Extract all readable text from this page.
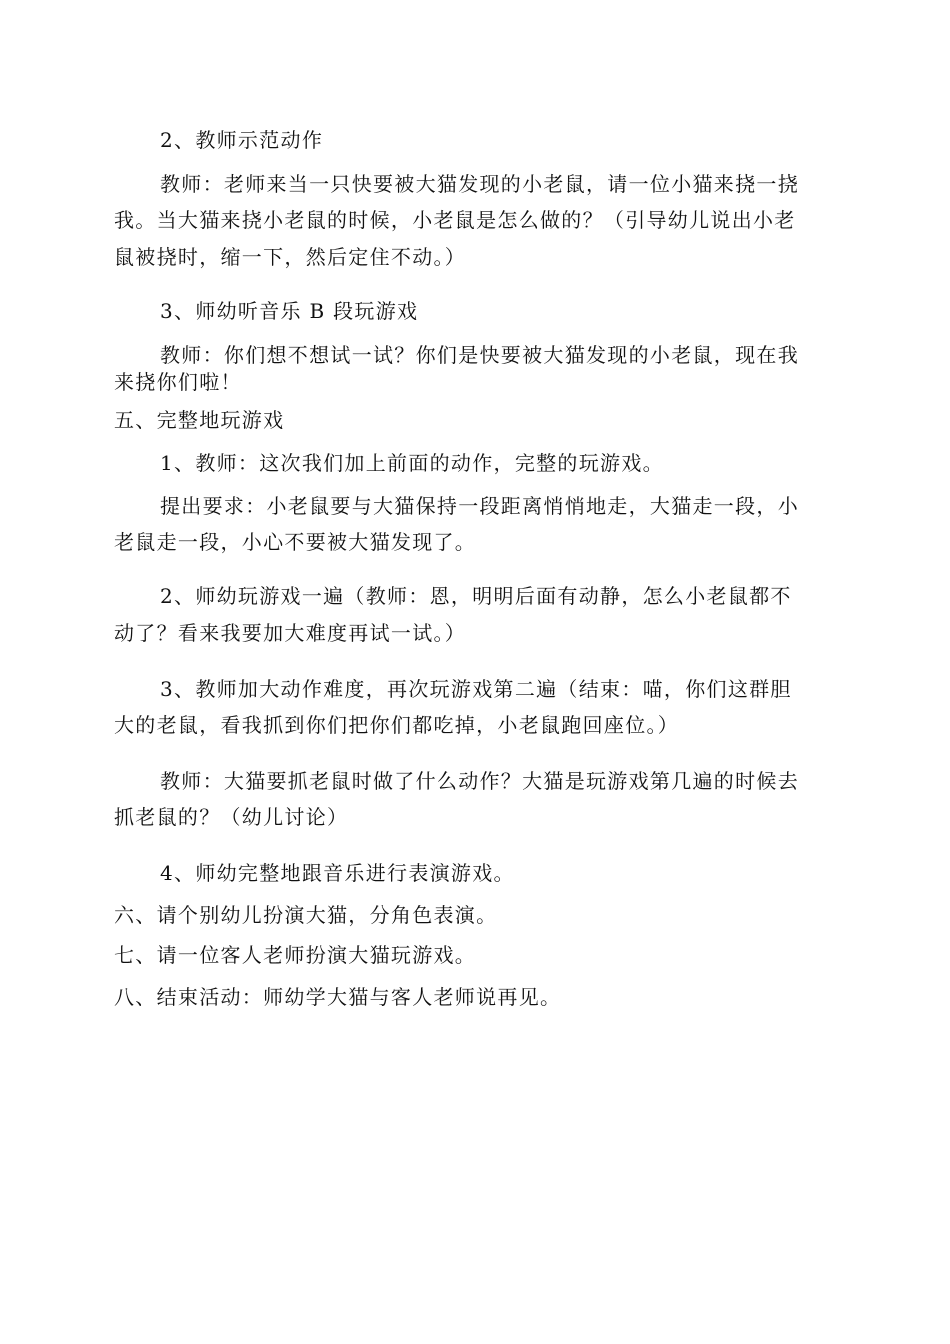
2、教师示范动作

教师：老师来当一只快要被大猫发现的小老鼠，请一位小猫来挠一挠

我。当大猫来挠小老鼠的时候，小老鼠是怎么做的？（引导幼儿说出小老

鼠被挠时，缩一下，然后定住不动。）

3、师幼听音乐 B 段玩游戏

教师：你们想不想试一试？你们是快要被大猫发现的小老鼠，现在我

来挠你们啦！

五、完整地玩游戏

1、教师：这次我们加上前面的动作，完整的玩游戏。

提出要求：小老鼠要与大猫保持一段距离悄悄地走，大猫走一段，小

老鼠走一段，小心不要被大猫发现了。

2、师幼玩游戏一遍（教师：恩，明明后面有动静，怎么小老鼠都不

动了？看来我要加大难度再试一试。）

3、教师加大动作难度，再次玩游戏第二遍（结束：喵，你们这群胆

大的老鼠，看我抓到你们把你们都吃掉，小老鼠跑回座位。）

教师：大猫要抓老鼠时做了什么动作？大猫是玩游戏第几遍的时候去

抓老鼠的？（幼儿讨论）

4、师幼完整地跟音乐进行表演游戏。

六、请个别幼儿扮演大猫，分角色表演。

七、请一位客人老师扮演大猫玩游戏。

八、结束活动：师幼学大猫与客人老师说再见。
